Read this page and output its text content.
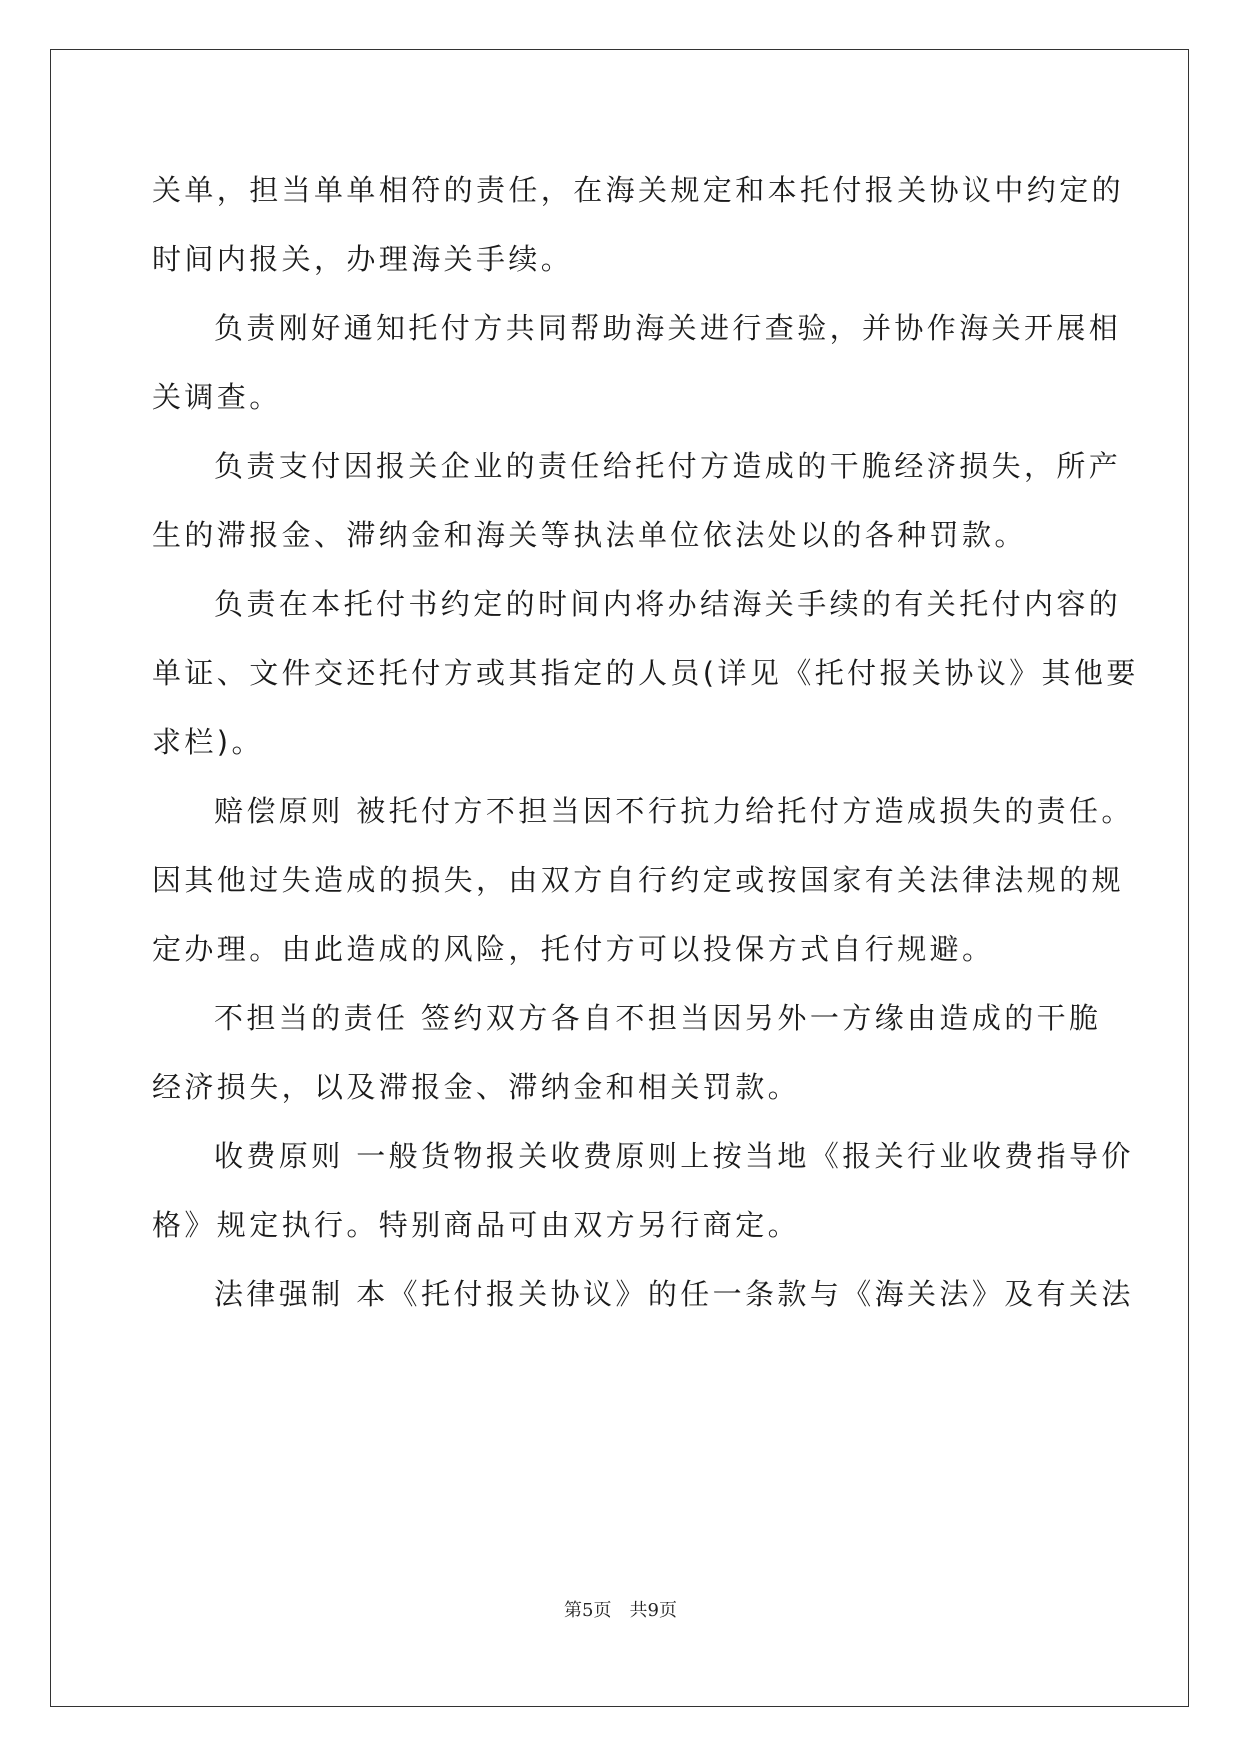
关单，担当单单相符的责任，在海关规定和本托付报关协议中约定的

时间内报关，办理海关手续。

负责刚好通知托付方共同帮助海关进行查验，并协作海关开展相

关调查。

负责支付因报关企业的责任给托付方造成的干脆经济损失，所产

生的滞报金、滞纳金和海关等执法单位依法处以的各种罚款。

负责在本托付书约定的时间内将办结海关手续的有关托付内容的

单证、文件交还托付方或其指定的人员(详见《托付报关协议》其他要

求栏)。

赔偿原则 被托付方不担当因不行抗力给托付方造成损失的责任。

因其他过失造成的损失，由双方自行约定或按国家有关法律法规的规

定办理。由此造成的风险，托付方可以投保方式自行规避。

不担当的责任 签约双方各自不担当因另外一方缘由造成的干脆

经济损失，以及滞报金、滞纳金和相关罚款。

收费原则 一般货物报关收费原则上按当地《报关行业收费指导价

格》规定执行。特别商品可由双方另行商定。

法律强制 本《托付报关协议》的任一条款与《海关法》及有关法

第5页　共9页
